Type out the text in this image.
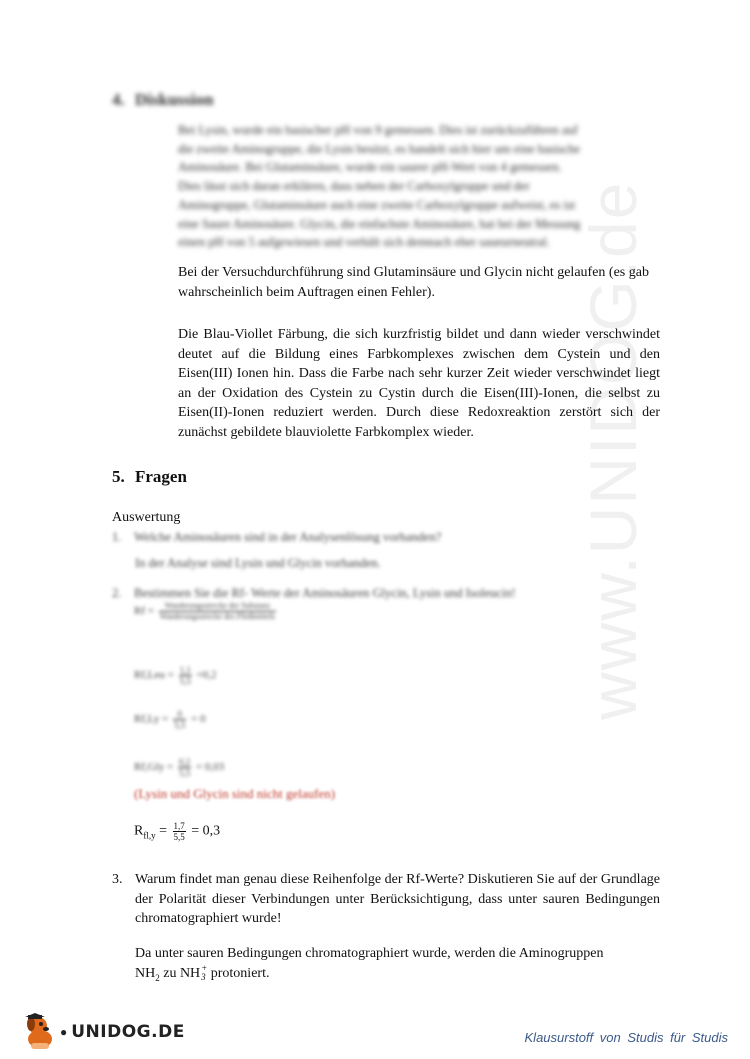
www.UNIDOG.de
4. Diskussion
Bei Lysin, wurde ein basischer pH von 9 gemessen. Dies ist zurückzuführen auf
die zweite Aminogruppe, die Lysin besitzt, es handelt sich hier um eine basische
Aminosäure. Bei Glutaminsäure, wurde ein saurer pH-Wert von 4 gemessen.
Dies lässt sich daran erklären, dass neben der Carboxylgruppe und der
Aminogruppe, Glutaminsäure auch eine zweite Carboxylgruppe aufweist, es ist
eine Saure Aminosäure. Glycin, die einfachste Aminosäure, hat bei der Messung
einen pH von 5 aufgewiesen und verhält sich demnach eher saueurneutral.
Bei der Versuchdurchführung sind Glutaminsäure und Glycin nicht gelaufen (es gab wahrscheinlich beim Auftragen einen Fehler).
Die Blau-Viollet Färbung, die sich kurzfristig bildet und dann wieder verschwindet deutet auf die Bildung eines Farbkomplexes zwischen dem Cystein und den Eisen(III) Ionen hin. Dass die Farbe nach sehr kurzer Zeit wieder verschwindet liegt an der Oxidation des Cystein zu Cystin durch die Eisen(III)-Ionen, die selbst zu Eisen(II)-Ionen reduziert werden. Durch diese Redoxreaktion zerstört sich der zunächst gebildete blauviolette Farbkomplex wieder.
5. Fragen
Auswertung
1. Welche Aminosäuren sind in der Analysenlösung vorhanden?
In der Analyse sind Lysin und Glycin vorhanden.
2. Bestimmen Sie die Rf- Werte der Aminosäuren Glycin, Lysin und Isoleucin!
$Rf = \frac{\text{Wanderungsstrecke der Substanz}}{\text{Wanderungsstrecke des Fließmittels}}$
$Rf,Leu = \frac{1,1}{5,5} =0,2$
$Rf,Ly = \frac{0}{5,5} = 0$
$Rf,Gly = \frac{0,2}{5,5} = 0,03$
(Lysin und Glycin sind nicht gelaufen)
$R_{fl,y} = \frac{1,7}{5,5} = 0,3$
3. Warum findet man genau diese Reihenfolge der Rf-Werte? Diskutieren Sie auf der Grundlage der Polarität dieser Verbindungen unter Berücksichtigung, dass unter sauren Bedingungen chromatographiert wurde!
Da unter sauren Bedingungen chromatographiert wurde, werden die Aminogruppen
$NH_2$ zu NH +
3 protoniert.
● UNIDOG.DE	Klausurstoff von Studis für Studis
